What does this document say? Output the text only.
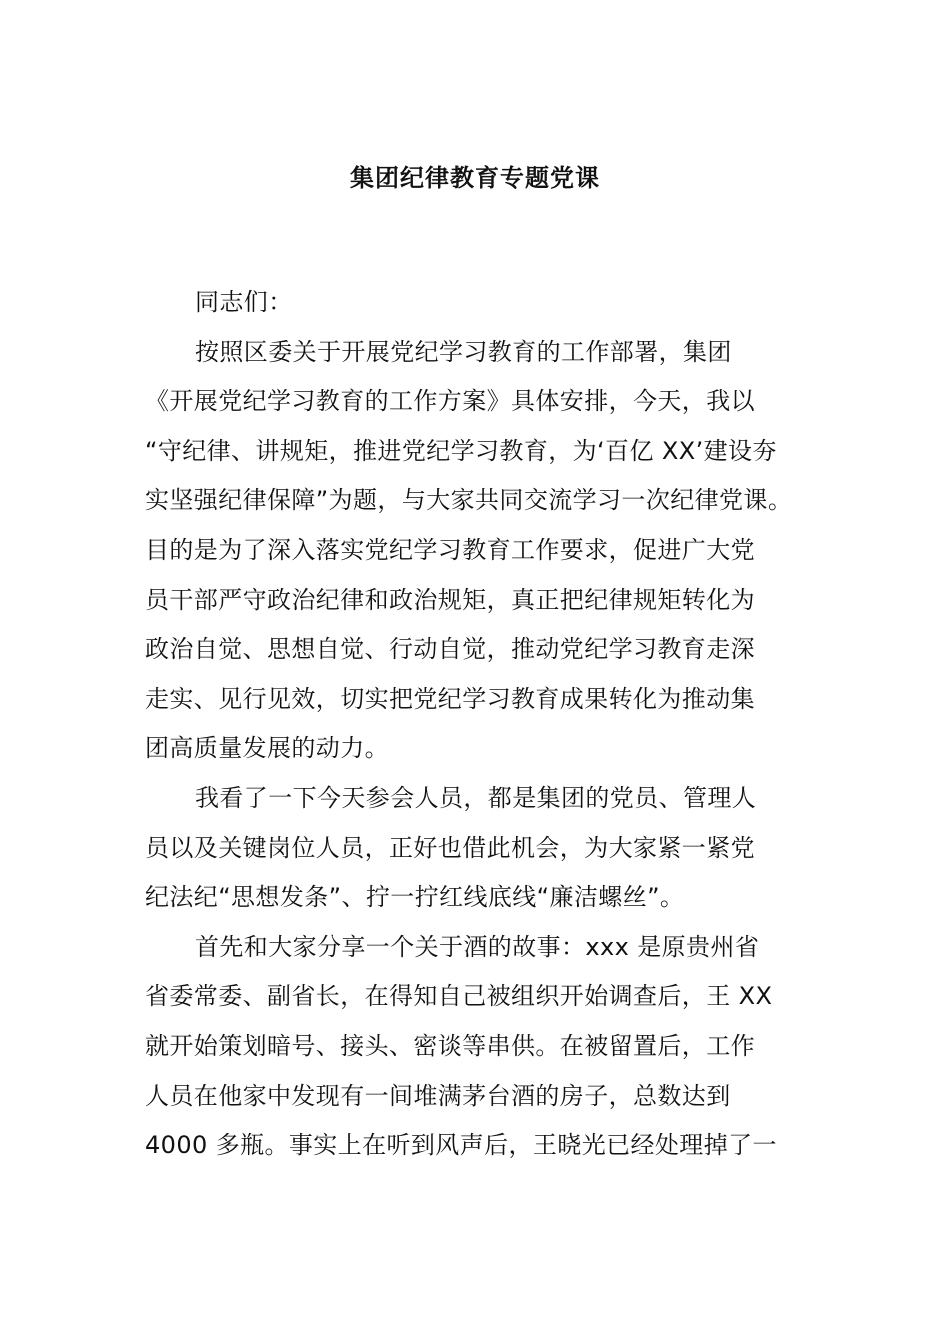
集团纪律教育专题党课
同志们：
按照区委关于开展党纪学习教育的工作部署，集团
《开展党纪学习教育的工作方案》具体安排，今天，我以
“守纪律、讲规矩，推进党纪学习教育，为‘百亿 XX’建设夯
实坚强纪律保障”为题，与大家共同交流学习一次纪律党课。
目的是为了深入落实党纪学习教育工作要求，促进广大党
员干部严守政治纪律和政治规矩，真正把纪律规矩转化为
政治自觉、思想自觉、行动自觉，推动党纪学习教育走深
走实、见行见效，切实把党纪学习教育成果转化为推动集
团高质量发展的动力。
我看了一下今天参会人员，都是集团的党员、管理人
员以及关键岗位人员，正好也借此机会，为大家紧一紧党
纪法纪“思想发条”、拧一拧红线底线“廉洁螺丝”。
首先和大家分享一个关于酒的故事：xxx 是原贵州省
省委常委、副省长，在得知自己被组织开始调查后，王 XX
就开始策划暗号、接头、密谈等串供。在被留置后，工作
人员在他家中发现有一间堆满茅台酒的房子，总数达到
4000 多瓶。事实上在听到风声后，王晓光已经处理掉了一
